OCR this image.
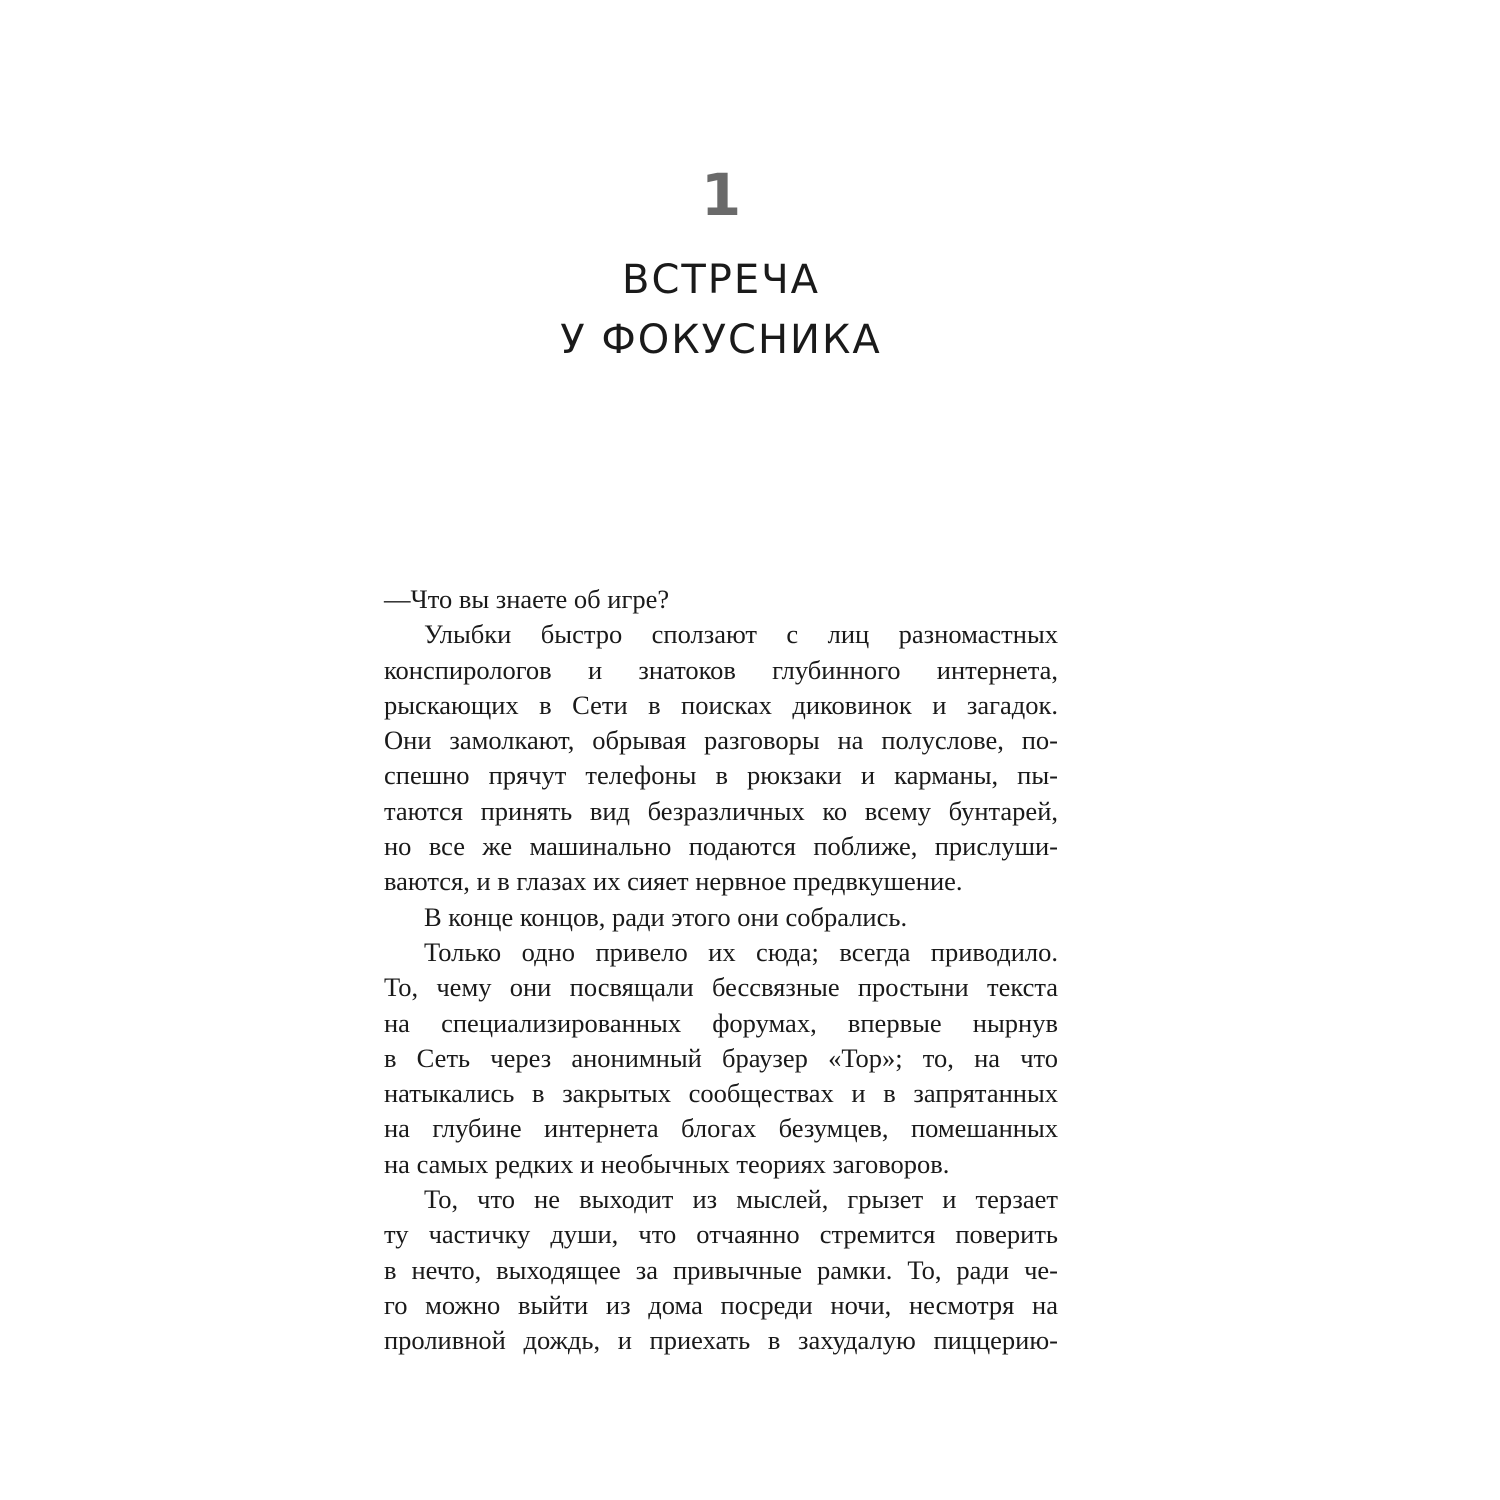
1
ВСТРЕЧА
У ФОКУСНИКА
—Что вы знаете об игре?
Улыбки быстро сползают с лиц разномастных
конспирологов и знатоков глубинного интернета,
рыскающих в Сети в поисках диковинок и загадок.
Они замолкают, обрывая разговоры на полуслове, по-
спешно прячут телефоны в рюкзаки и карманы, пы-
таются принять вид безразличных ко всему бунтарей,
но все же машинально подаются поближе, прислуши-
ваются, и в глазах их сияет нервное предвкушение.
В конце концов, ради этого они собрались.
Только одно привело их сюда; всегда приводило.
То, чему они посвящали бессвязные простыни текста
на специализированных форумах, впервые нырнув
в Сеть через анонимный браузер «Тор»; то, на что
натыкались в закрытых сообществах и в запрятанных
на глубине интернета блогах безумцев, помешанных
на самых редких и необычных теориях заговоров.
То, что не выходит из мыслей, грызет и терзает
ту частичку души, что отчаянно стремится поверить
в нечто, выходящее за привычные рамки. То, ради че-
го можно выйти из дома посреди ночи, несмотря на
проливной дождь, и приехать в захудалую пиццерию-
